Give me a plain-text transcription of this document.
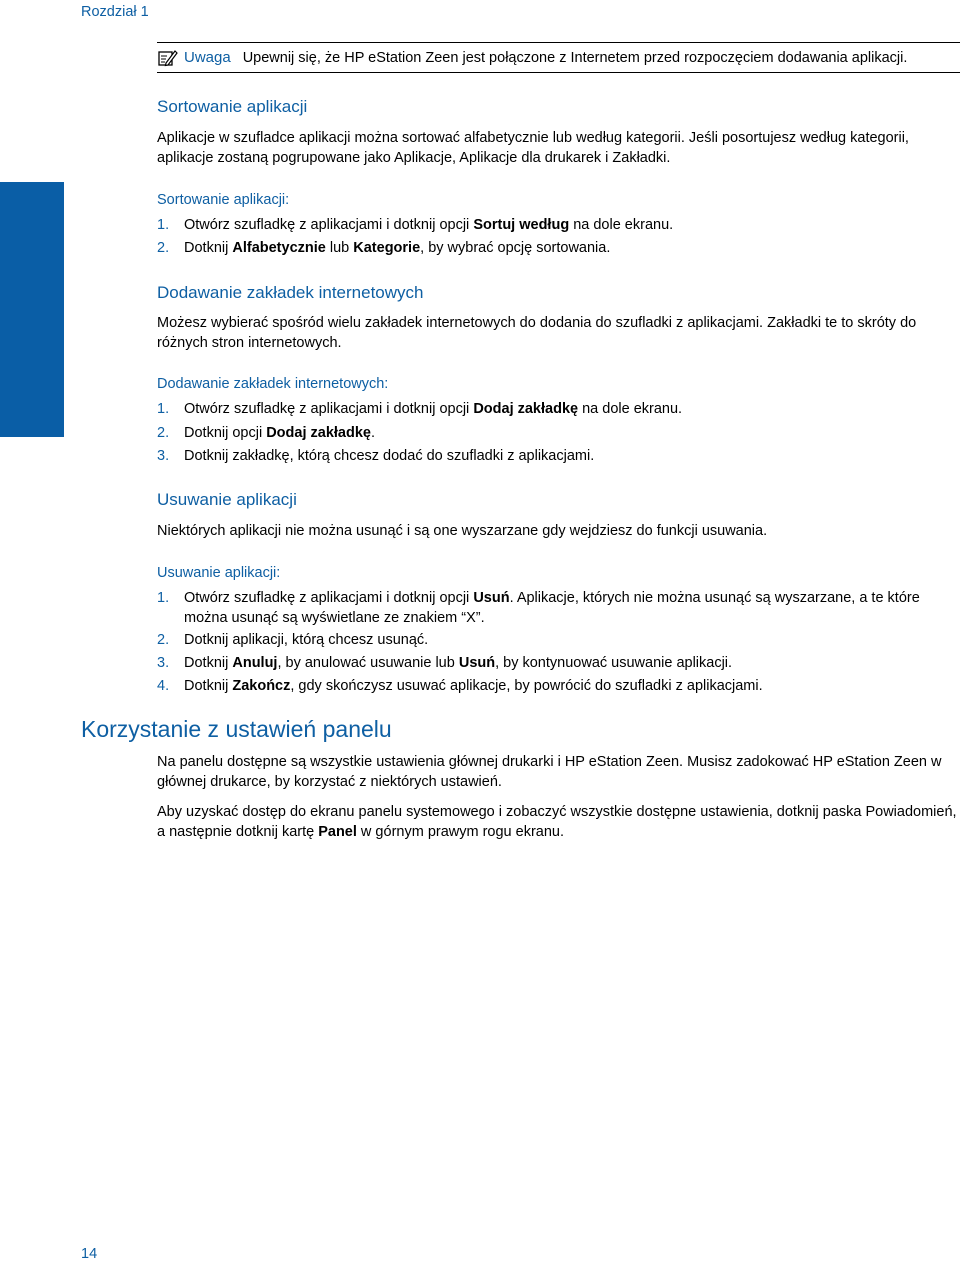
Rozdział 1
Uwaga Upewnij się, że HP eStation Zeen jest połączone z Internetem przed rozpoczęciem dodawania aplikacji.
Sortowanie aplikacji

Aplikacje w szufladce aplikacji można sortować alfabetycznie lub według kategorii. Jeśli posortujesz według kategorii, aplikacje zostaną pogrupowane jako Aplikacje, Aplikacje dla drukarek i Zakładki.

Sortowanie aplikacji:
1.	Otwórz szufladkę z aplikacjami i dotknij opcji Sortuj według na dole ekranu.
2.	Dotknij Alfabetycznie lub Kategorie, by wybrać opcję sortowania.
Dodawanie zakładek internetowych

Możesz wybierać spośród wielu zakładek internetowych do dodania do szufladki z aplikacjami. Zakładki te to skróty do różnych stron internetowych.

Dodawanie zakładek internetowych:
1.	Otwórz szufladkę z aplikacjami i dotknij opcji Dodaj zakładkę na dole ekranu.
2.	Dotknij opcji Dodaj zakładkę.
3.	Dotknij zakładkę, którą chcesz dodać do szufladki z aplikacjami.
Usuwanie aplikacji

Niektórych aplikacji nie można usunąć i są one wyszarzane gdy wejdziesz do funkcji usuwania.

Usuwanie aplikacji:
1.	Otwórz szufladkę z aplikacjami i dotknij opcji Usuń. Aplikacje, których nie można usunąć są wyszarzane, a te które można usunąć są wyświetlane ze znakiem “X”.
2.	Dotknij aplikacji, którą chcesz usunąć.
3.	Dotknij Anuluj, by anulować usuwanie lub Usuń, by kontynuować usuwanie aplikacji.
4.	Dotknij Zakończ, gdy skończysz usuwać aplikacje, by powrócić do szufladki z aplikacjami.
Korzystanie z ustawień panelu

Na panelu dostępne są wszystkie ustawienia głównej drukarki i HP eStation Zeen. Musisz zadokować HP eStation Zeen w głównej drukarce, by korzystać z niektórych ustawień.

Aby uzyskać dostęp do ekranu panelu systemowego i zobaczyć wszystkie dostępne ustawienia, dotknij paska Powiadomień, a następnie dotknij kartę Panel w górnym prawym rogu ekranu.

14
